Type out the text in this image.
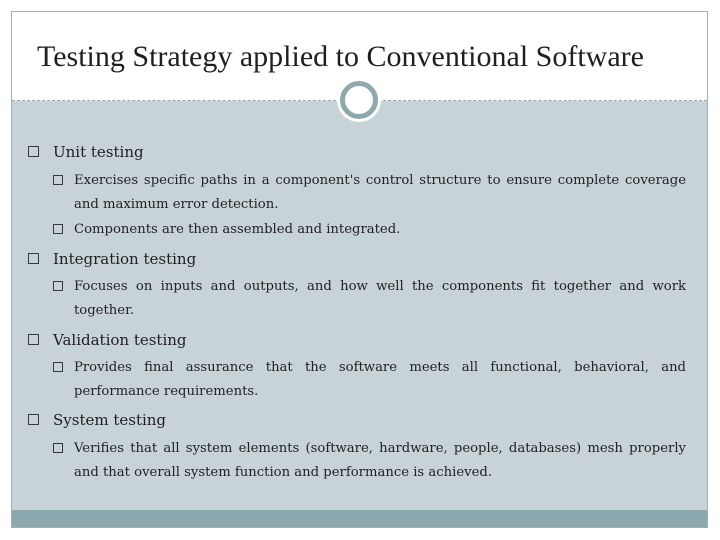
Testing Strategy applied to Conventional Software
Unit testing
Exercises specific paths in a component's control structure to ensure complete coverage and maximum error detection.
Components are then assembled and integrated.
Integration testing
Focuses on inputs and outputs, and how well the components fit together and work together.
Validation testing
Provides final assurance that the software meets all functional, behavioral, and performance requirements.
System testing
Verifies that all system elements (software, hardware, people, databases) mesh properly and that overall system function and performance is achieved.
